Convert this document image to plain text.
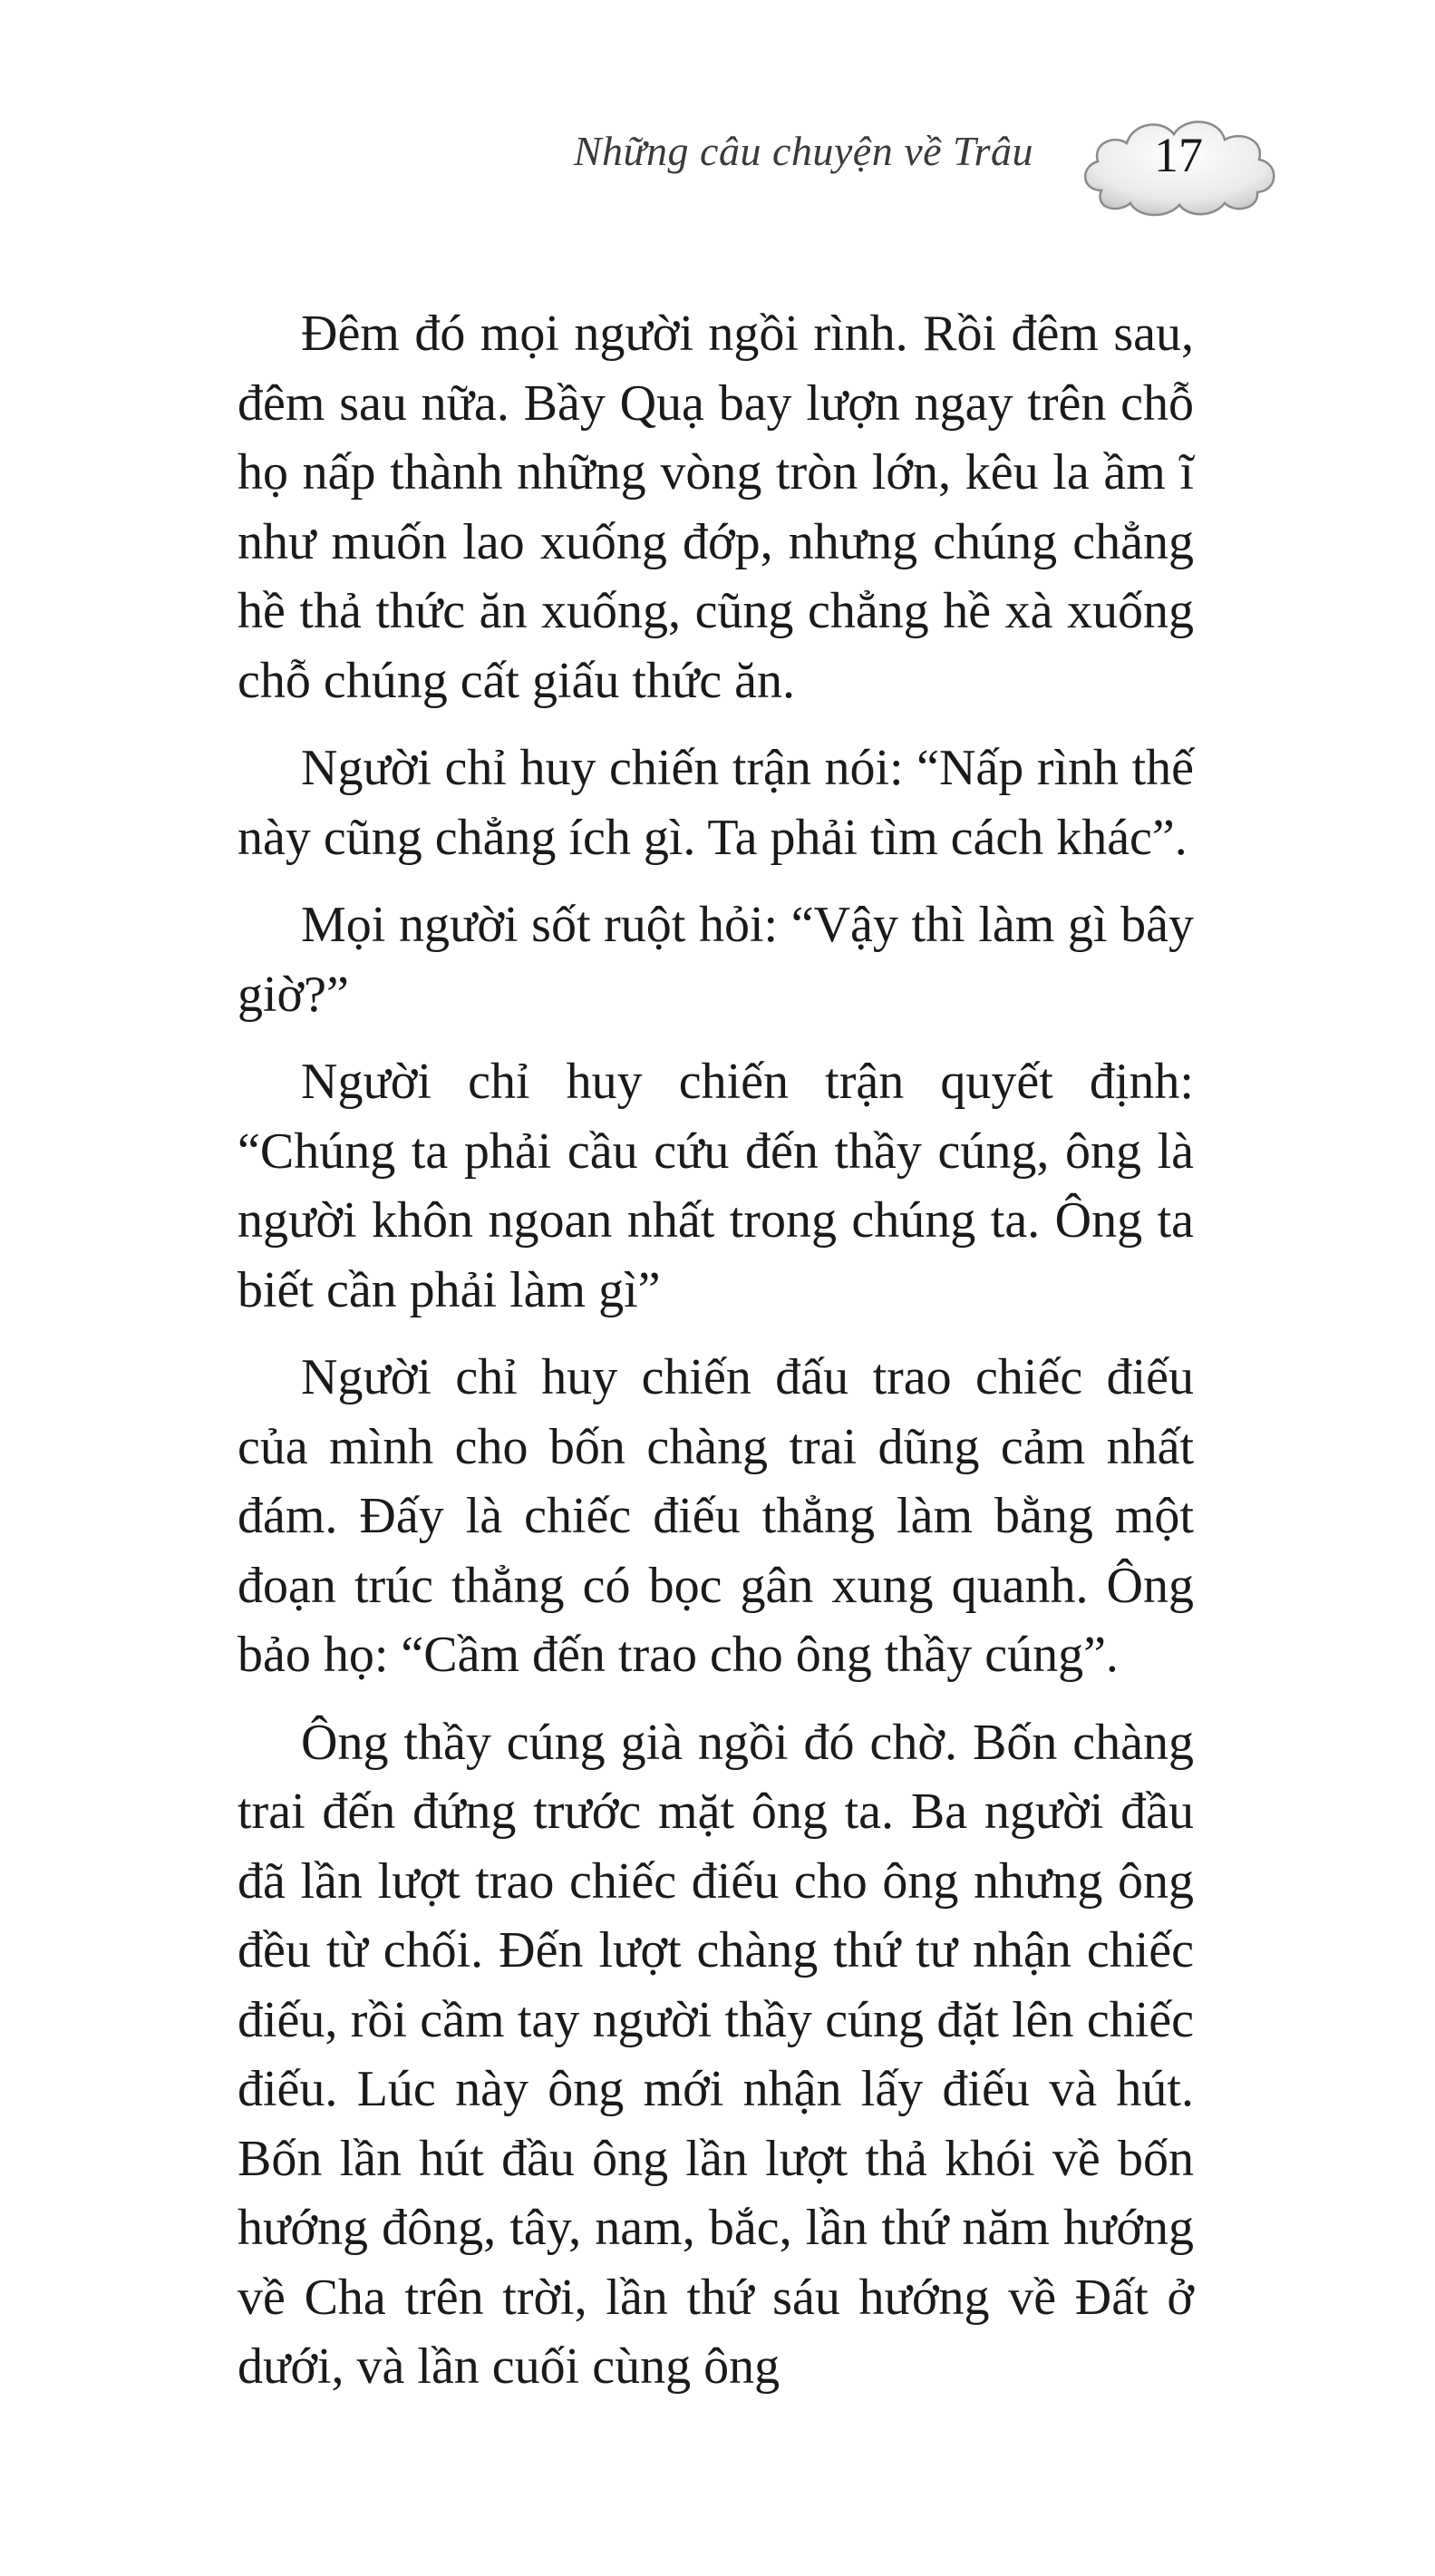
Những câu chuyện về Trâu	17

Đêm đó mọi người ngồi rình. Rồi đêm sau, đêm sau nữa. Bầy Quạ bay lượn ngay trên chỗ họ nấp thành những vòng tròn lớn, kêu la ầm ĩ như muốn lao xuống đớp, nhưng chúng chẳng hề thả thức ăn xuống, cũng chẳng hề xà xuống chỗ chúng cất giấu thức ăn.

Người chỉ huy chiến trận nói: “Nấp rình thế này cũng chẳng ích gì. Ta phải tìm cách khác”.

Mọi người sốt ruột hỏi: “Vậy thì làm gì bây giờ?”

Người chỉ huy chiến trận quyết định: “Chúng ta phải cầu cứu đến thầy cúng, ông là người khôn ngoan nhất trong chúng ta. Ông ta biết cần phải làm gì”

Người chỉ huy chiến đấu trao chiếc điếu của mình cho bốn chàng trai dũng cảm nhất đám. Đấy là chiếc điếu thẳng làm bằng một đoạn trúc thẳng có bọc gân xung quanh. Ông bảo họ: “Cầm đến trao cho ông thầy cúng”.

Ông thầy cúng già ngồi đó chờ. Bốn chàng trai đến đứng trước mặt ông ta. Ba người đầu đã lần lượt trao chiếc điếu cho ông nhưng ông đều từ chối. Đến lượt chàng thứ tư nhận chiếc điếu, rồi cầm tay người thầy cúng đặt lên chiếc điếu. Lúc này ông mới nhận lấy điếu và hút. Bốn lần hút đầu ông lần lượt thả khói về bốn hướng đông, tây, nam, bắc, lần thứ năm hướng về Cha trên trời, lần thứ sáu hướng về Đất ở dưới, và lần cuối cùng ông
